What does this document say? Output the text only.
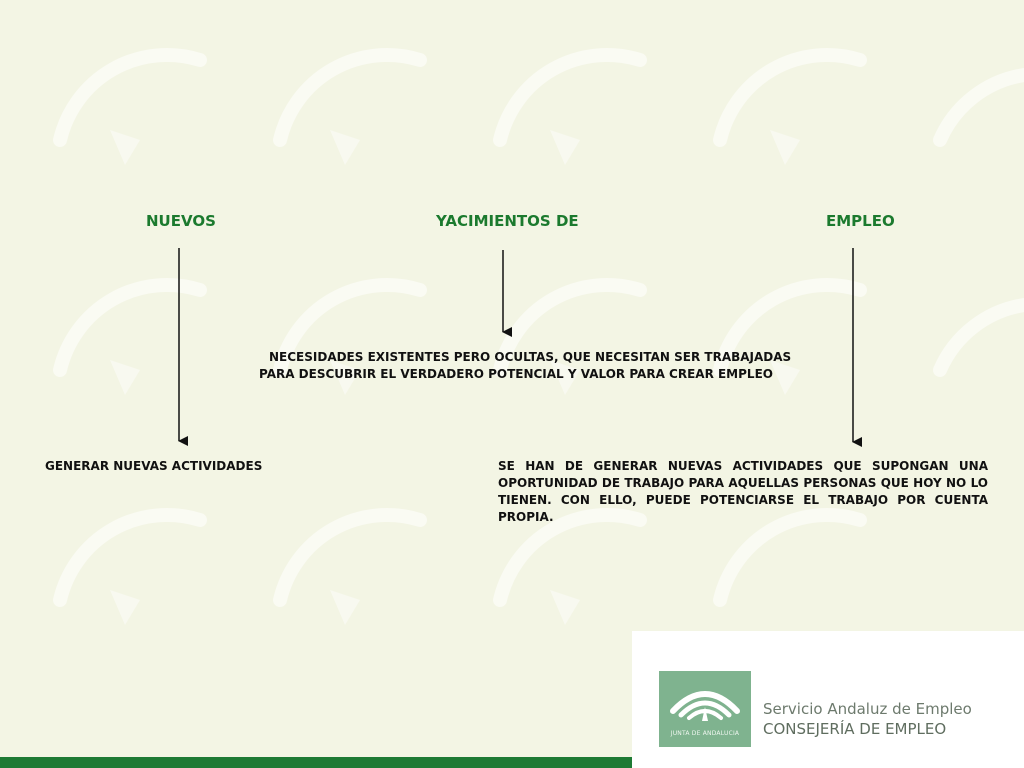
NUEVOS	YACIMIENTOS DE	EMPLEO

NECESIDADES EXISTENTES PERO OCULTAS, QUE NECESITAN SER TRABAJADAS PARA DESCUBRIR EL VERDADERO POTENCIAL Y VALOR PARA CREAR EMPLEO

GENERAR NUEVAS ACTIVIDADES	SE HAN DE GENERAR NUEVAS ACTIVIDADES QUE SUPONGAN UNA OPORTUNIDAD DE TRABAJO PARA AQUELLAS PERSONAS QUE HOY NO LO TIENEN. CON ELLO, PUEDE POTENCIARSE EL TRABAJO POR CUENTA PROPIA.

JUNTA DE ANDALUCIA

Servicio Andaluz de Empleo

CONSEJERÍA DE EMPLEO
